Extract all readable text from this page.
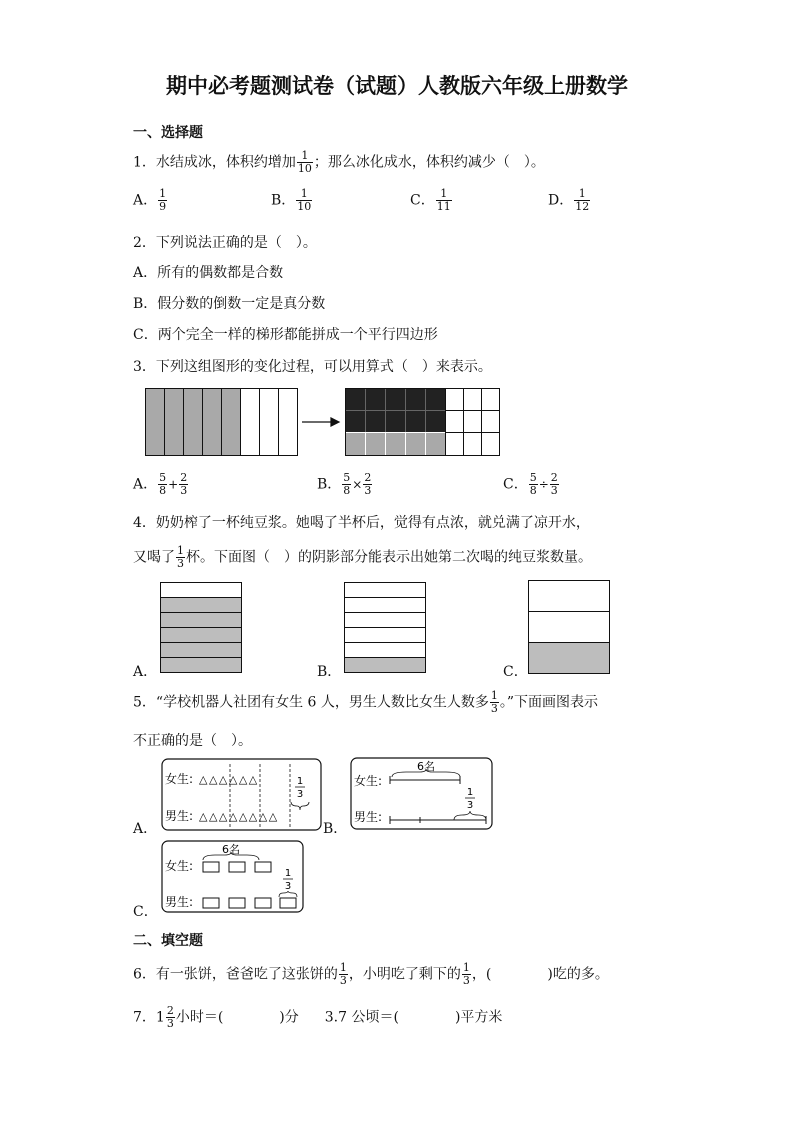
期中必考题测试卷（试题）人教版六年级上册数学
一、选择题
1．水结成冰，体积约增加 $\frac{1}{10}$ ；那么冰化成水，体积约减少（　）。
A． $\frac{1}{9}$	B． $\frac{1}{10}$	C． $\frac{1}{11}$	D． $\frac{1}{12}$
2．下列说法正确的是（　）。
A．所有的偶数都是合数
B．假分数的倒数一定是真分数
C．两个完全一样的梯形都能拼成一个平行四边形
3．下列这组图形的变化过程，可以用算式（　）来表示。
A． $\frac{5}{8} + \frac{2}{3}$	B． $\frac{5}{8} \times \frac{2}{3}$	C． $\frac{5}{8} \div \frac{2}{3}$
4．奶奶榨了一杯纯豆浆。她喝了半杯后，觉得有点浓，就兑满了凉开水，
又喝了 $\frac{1}{3}$ 杯。下面图（　）的阴影部分能表示出她第二次喝的纯豆浆数量。
A．	B．	C．
5．“学校机器人社团有女生 6 人，男生人数比女生人数多 $\frac{1}{3}$ 。”下面画图表示
不正确的是（　）。
A．
女生: △△△△△△
男生: △△△△△△△△
1
3
B．
6名
女生:
1
3
男生:
C．
6名
女生:
1
3
男生:
二、填空题
6．有一张饼，爸爸吃了这张饼的 $\frac{1}{3}$ ，小明吃了剩下的 $\frac{1}{3}$ ，(　　　　)吃的多。
7．$1 \frac{2}{3}$ 小时＝(　　　　)分 3.7 公顷＝(　　　　)平方米
